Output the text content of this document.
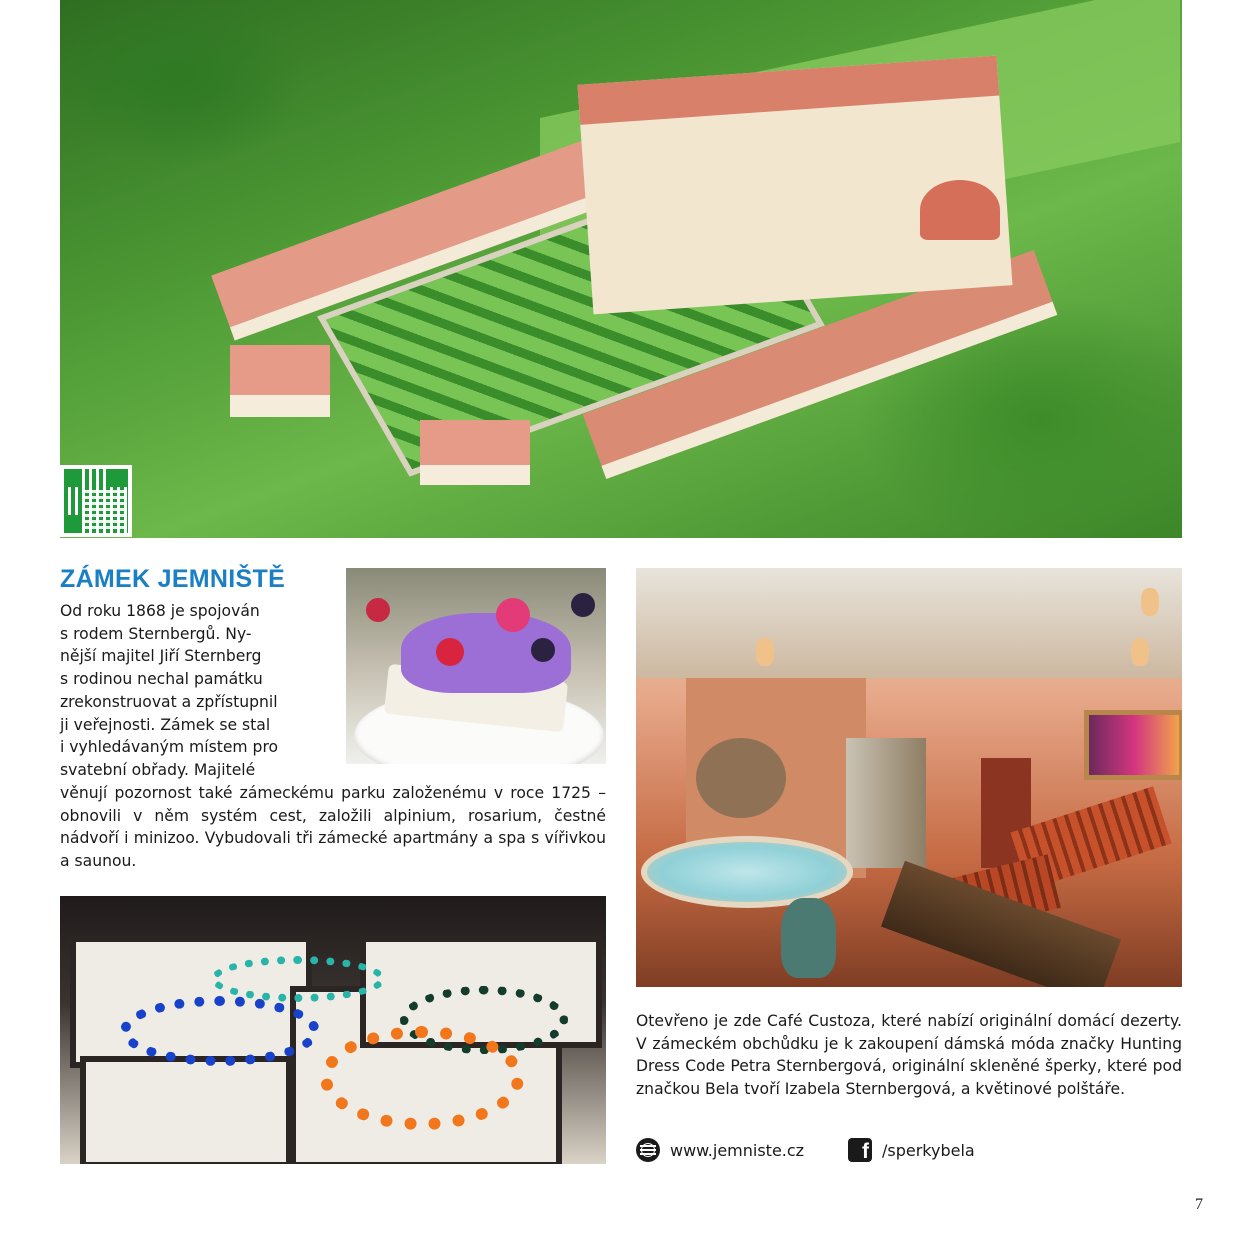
ZÁMEK JEMNIŠTĚ
Od roku 1868 je spojován
s rodem Sternbergů. Ny-
nější majitel Jiří Sternberg
s rodinou nechal památku
zrekonstruovat a zpřístupnil
ji veřejnosti. Zámek se stal
i vyhledávaným místem pro
svatební obřady. Majitelé
věnují pozornost také zámeckému parku založenému v roce 1725 – obnovili v něm systém cest, založili alpinium, rosarium, čestné nádvoří i minizoo. Vybudovali tři zámecké apartmány a spa s vířivkou a saunou.
Otevřeno je zde Café Custoza, které nabízí originální domácí dezerty. V zámeckém obchůdku je k zakoupení dámská móda značky Hunting Dress Code Petra Sternbergová, originální skleněné šperky, které pod značkou Bela tvoří Izabela Sternbergová, a květinové polštáře.
www.jemniste.cz	f /sperkybela
7
